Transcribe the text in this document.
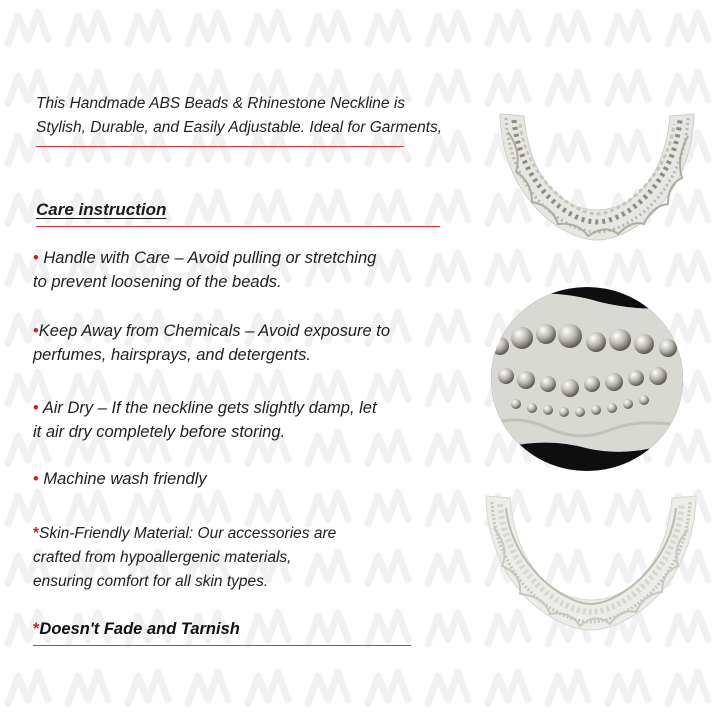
This Handmade ABS Beads & Rhinestone Neckline is
Stylish, Durable, and Easily Adjustable. Ideal for Garments,
Care instruction
• Handle with Care – Avoid pulling or stretching
to prevent loosening of the beads.
•Keep Away from Chemicals – Avoid exposure to
perfumes, hairsprays, and detergents.
• Air Dry – If the neckline gets slightly damp, let
it air dry completely before storing.
• Machine wash friendly
*Skin-Friendly Material: Our accessories are
crafted from hypoallergenic materials,
ensuring comfort for all skin types.
*Doesn't Fade and Tarnish
